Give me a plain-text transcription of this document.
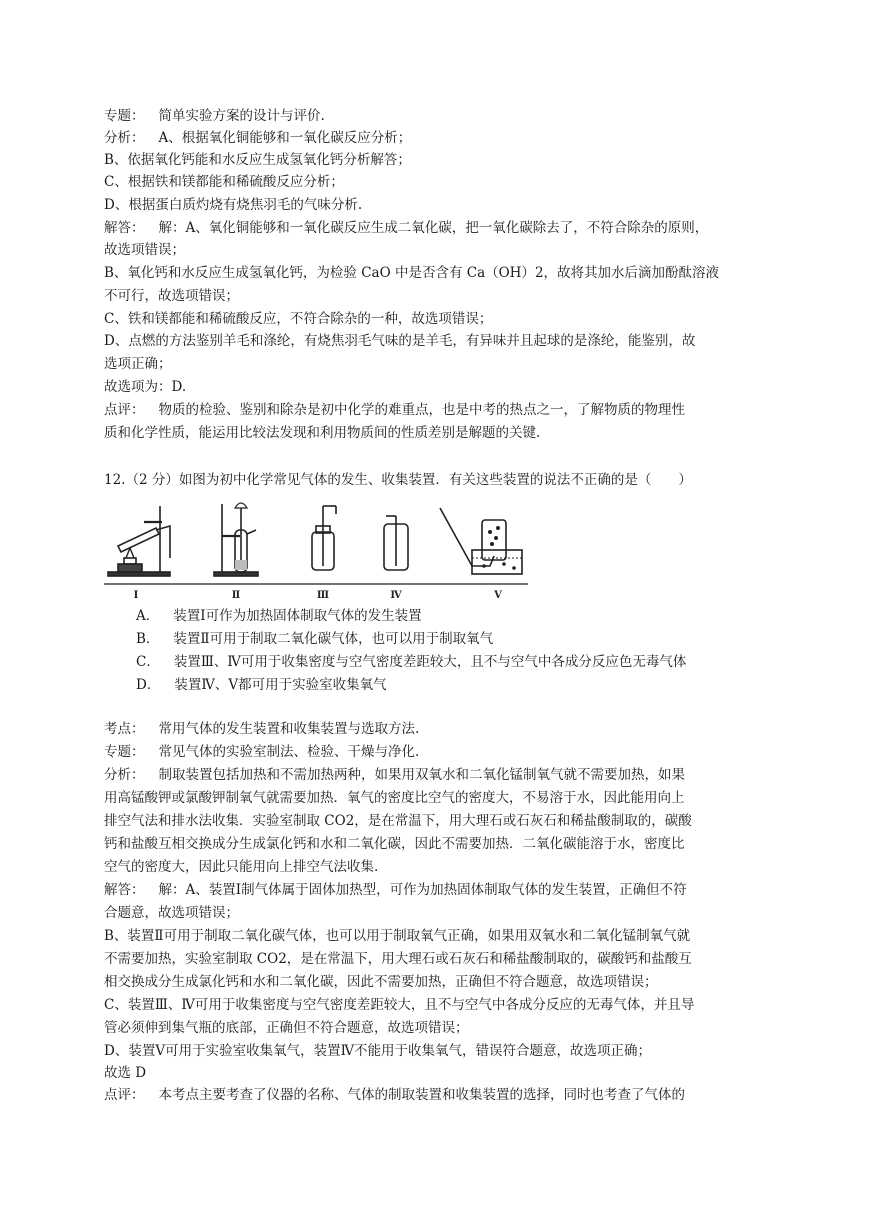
专题： 简单实验方案的设计与评价.
分析： A、根据氧化铜能够和一氧化碳反应分析；
B、依据氧化钙能和水反应生成氢氧化钙分析解答；
C、根据铁和镁都能和稀硫酸反应分析；
D、根据蛋白质灼烧有烧焦羽毛的气味分析.
解答： 解：A、氧化铜能够和一氧化碳反应生成二氧化碳，把一氧化碳除去了，不符合除杂的原则，
故选项错误；
B、氧化钙和水反应生成氢氧化钙，为检验 CaO 中是否含有 Ca（OH）2，故将其加水后滴加酚酞溶液
不可行，故选项错误；
C、铁和镁都能和稀硫酸反应，不符合除杂的一种，故选项错误；
D、点燃的方法鉴别羊毛和涤纶，有烧焦羽毛气味的是羊毛，有异味并且起球的是涤纶，能鉴别，故
选项正确；
故选项为：D.
点评： 物质的检验、鉴别和除杂是初中化学的难重点，也是中考的热点之一，了解物质的物理性
质和化学性质，能运用比较法发现和利用物质间的性质差别是解题的关键.
12.（2 分）如图为初中化学常见气体的发生、收集装置．有关这些装置的说法不正确的是（　　）
Ⅰ	Ⅱ	Ⅲ	Ⅳ	Ⅴ
A． 装置Ⅰ可作为加热固体制取气体的发生装置
B． 装置Ⅱ可用于制取二氧化碳气体，也可以用于制取氧气
C． 装置Ⅲ、Ⅳ可用于收集密度与空气密度差距较大，且不与空气中各成分反应色无毒气体
D． 装置Ⅳ、Ⅴ都可用于实验室收集氧气
考点： 常用气体的发生装置和收集装置与选取方法.
专题： 常见气体的实验室制法、检验、干燥与净化.
分析： 制取装置包括加热和不需加热两种，如果用双氧水和二氧化锰制氧气就不需要加热，如果
用高锰酸钾或氯酸钾制氧气就需要加热．氧气的密度比空气的密度大，不易溶于水，因此能用向上
排空气法和排水法收集．实验室制取 CO2，是在常温下，用大理石或石灰石和稀盐酸制取的，碳酸
钙和盐酸互相交换成分生成氯化钙和水和二氧化碳，因此不需要加热．二氧化碳能溶于水，密度比
空气的密度大，因此只能用向上排空气法收集.
解答： 解：A、装置Ⅰ制气体属于固体加热型，可作为加热固体制取气体的发生装置，正确但不符
合题意，故选项错误；
B、装置Ⅱ可用于制取二氧化碳气体，也可以用于制取氧气正确，如果用双氧水和二氧化锰制氧气就
不需要加热，实验室制取 CO2，是在常温下，用大理石或石灰石和稀盐酸制取的，碳酸钙和盐酸互
相交换成分生成氯化钙和水和二氧化碳，因此不需要加热，正确但不符合题意，故选项错误；
C、装置Ⅲ、Ⅳ可用于收集密度与空气密度差距较大，且不与空气中各成分反应的无毒气体，并且导
管必须伸到集气瓶的底部，正确但不符合题意，故选项错误；
D、装置Ⅴ可用于实验室收集氧气，装置Ⅳ不能用于收集氧气，错误符合题意，故选项正确；
故选 D
点评： 本考点主要考查了仪器的名称、气体的制取装置和收集装置的选择，同时也考查了气体的
